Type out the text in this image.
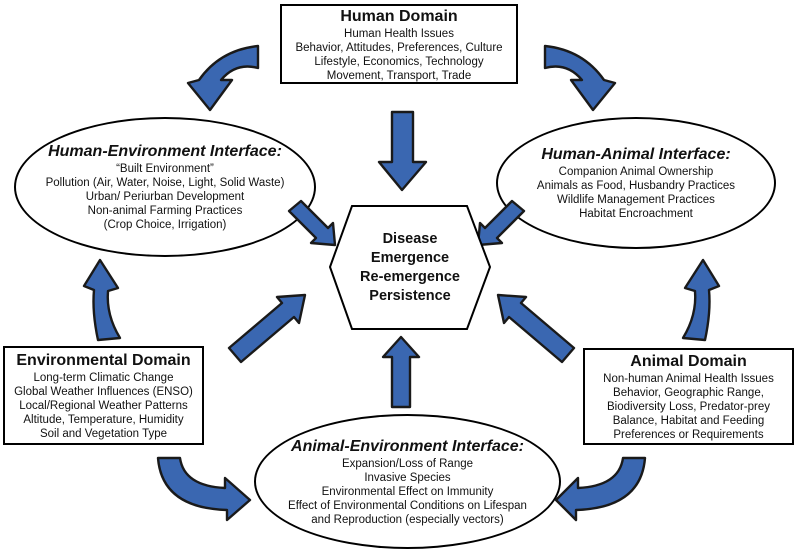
Human Domain
Human Health Issues
Behavior, Attitudes, Preferences, Culture
Lifestyle, Economics, Technology
Movement, Transport, Trade
Human-Environment Interface:
“Built Environment”
Pollution (Air, Water, Noise, Light, Solid Waste)
Urban/ Periurban Development
Non-animal Farming Practices
(Crop Choice, Irrigation)
Human-Animal Interface:
Companion Animal Ownership
Animals as Food, Husbandry Practices
Wildlife Management Practices
Habitat Encroachment
Environmental Domain
Long-term Climatic Change
Global Weather Influences (ENSO)
Local/Regional Weather Patterns
Altitude, Temperature, Humidity
Soil and Vegetation Type
Animal Domain
Non-human Animal Health Issues
Behavior, Geographic Range,
Biodiversity Loss, Predator-prey
Balance, Habitat and Feeding
Preferences or Requirements
Animal-Environment Interface:
Expansion/Loss of Range
Invasive Species
Environmental Effect on Immunity
Effect of Environmental Conditions on Lifespan
and Reproduction (especially vectors)
Disease
Emergence
Re-emergence
Persistence
